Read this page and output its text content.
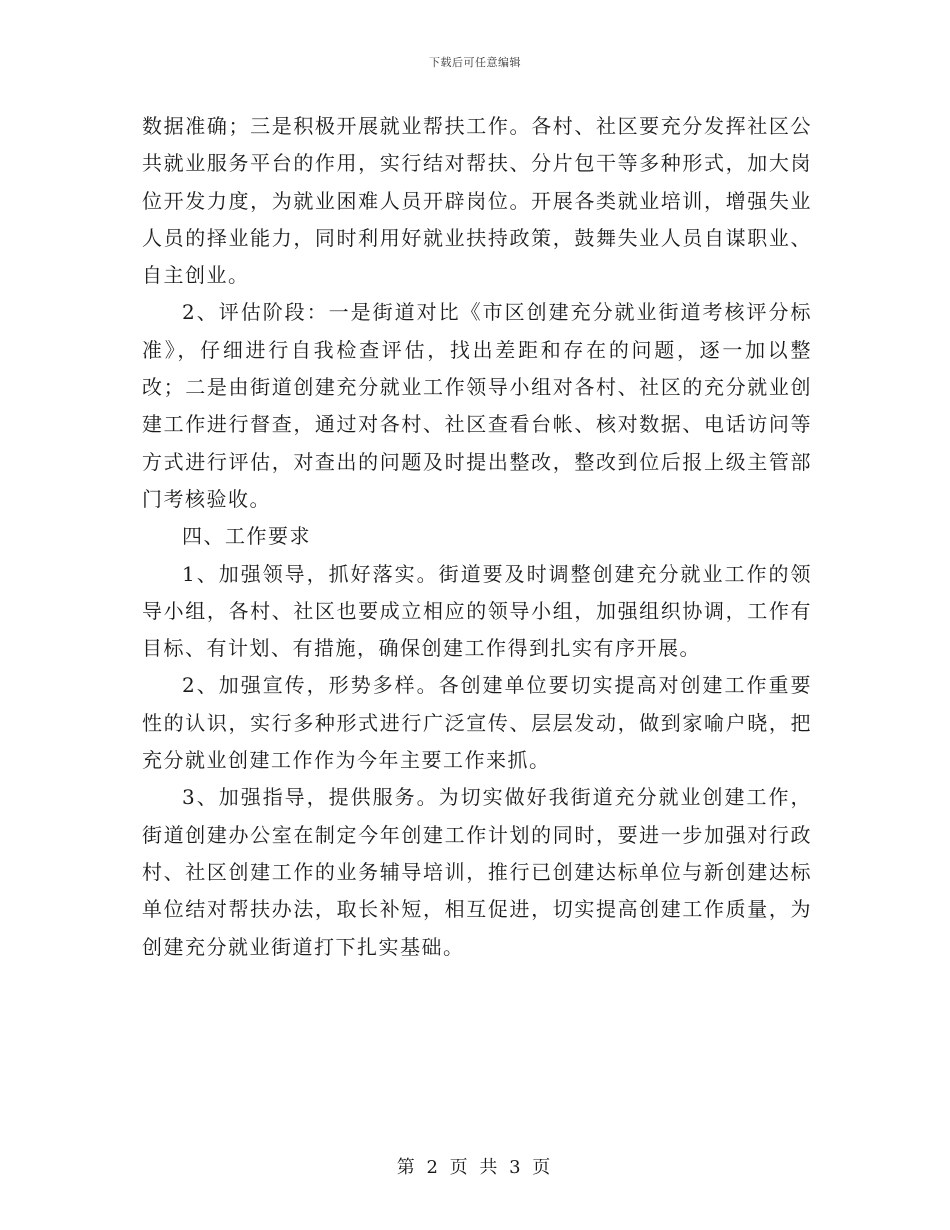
下载后可任意编辑

数据准确；三是积极开展就业帮扶工作。各村、社区要充分发挥社区公共就业服务平台的作用，实行结对帮扶、分片包干等多种形式，加大岗位开发力度，为就业困难人员开辟岗位。开展各类就业培训，增强失业人员的择业能力，同时利用好就业扶持政策，鼓舞失业人员自谋职业、自主创业。

2、评估阶段：一是街道对比《市区创建充分就业街道考核评分标准》，仔细进行自我检查评估，找出差距和存在的问题，逐一加以整改；二是由街道创建充分就业工作领导小组对各村、社区的充分就业创建工作进行督查，通过对各村、社区查看台帐、核对数据、电话访问等方式进行评估，对查出的问题及时提出整改，整改到位后报上级主管部门考核验收。

四、工作要求

1、加强领导，抓好落实。街道要及时调整创建充分就业工作的领导小组，各村、社区也要成立相应的领导小组，加强组织协调，工作有目标、有计划、有措施，确保创建工作得到扎实有序开展。

2、加强宣传，形势多样。各创建单位要切实提高对创建工作重要性的认识，实行多种形式进行广泛宣传、层层发动，做到家喻户晓，把充分就业创建工作作为今年主要工作来抓。

3、加强指导，提供服务。为切实做好我街道充分就业创建工作，街道创建办公室在制定今年创建工作计划的同时，要进一步加强对行政村、社区创建工作的业务辅导培训，推行已创建达标单位与新创建达标单位结对帮扶办法，取长补短，相互促进，切实提高创建工作质量，为创建充分就业街道打下扎实基础。

第 2 页 共 3 页
